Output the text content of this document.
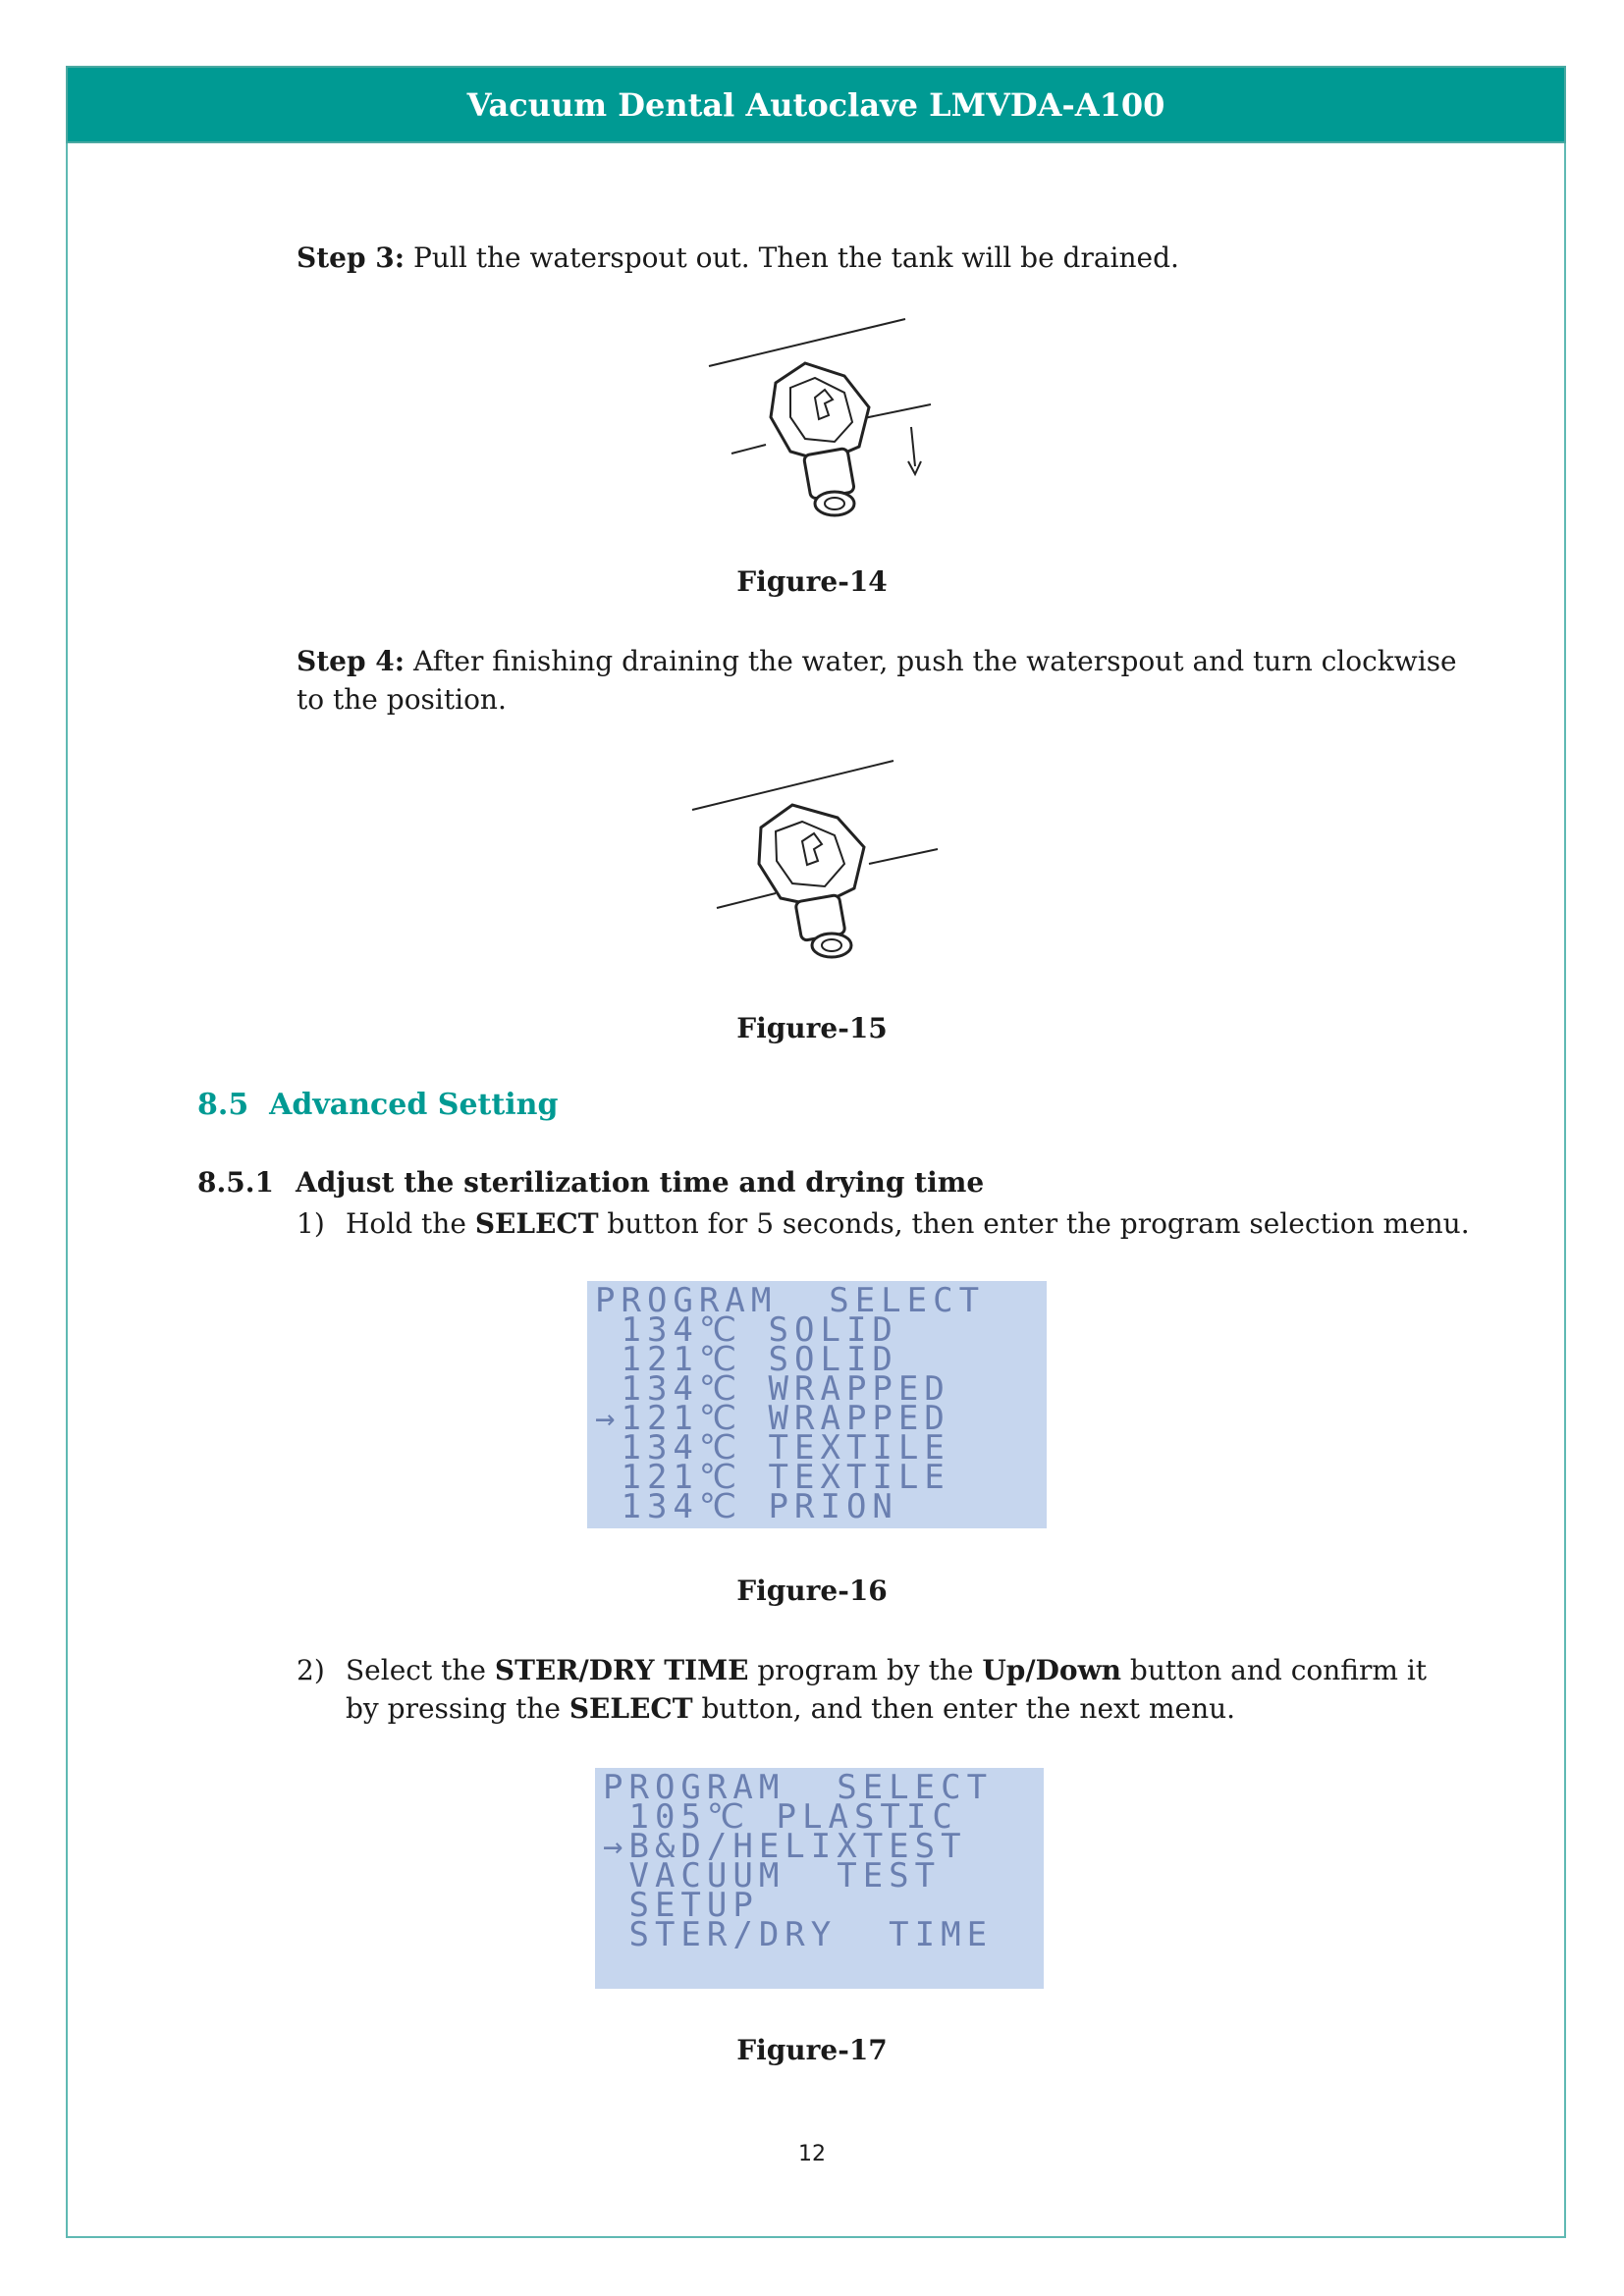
Vacuum Dental Autoclave LMVDA-A100
Step 3: Pull the waterspout out. Then the tank will be drained.
Figure-14
Step 4: After finishing draining the water, push the waterspout and turn clockwise
to the position.
Figure-15
8.5 Advanced Setting
8.5.1 Adjust the sterilization time and drying time
1) Hold the SELECT button for 5 seconds, then enter the program selection menu.
PROGRAM  SELECT
134℃ SOLID
121℃ SOLID
134℃ WRAPPED
→121℃ WRAPPED
134℃ TEXTILE
121℃ TEXTILE
134℃ PRION
Figure-16
2) Select the STER/DRY TIME program by the Up/Down button and confirm it
by pressing the SELECT button, and then enter the next menu.
PROGRAM  SELECT
105℃ PLASTIC
→B&D/HELIXTEST
VACUUM  TEST
SETUP
STER/DRY  TIME
Figure-17
12
